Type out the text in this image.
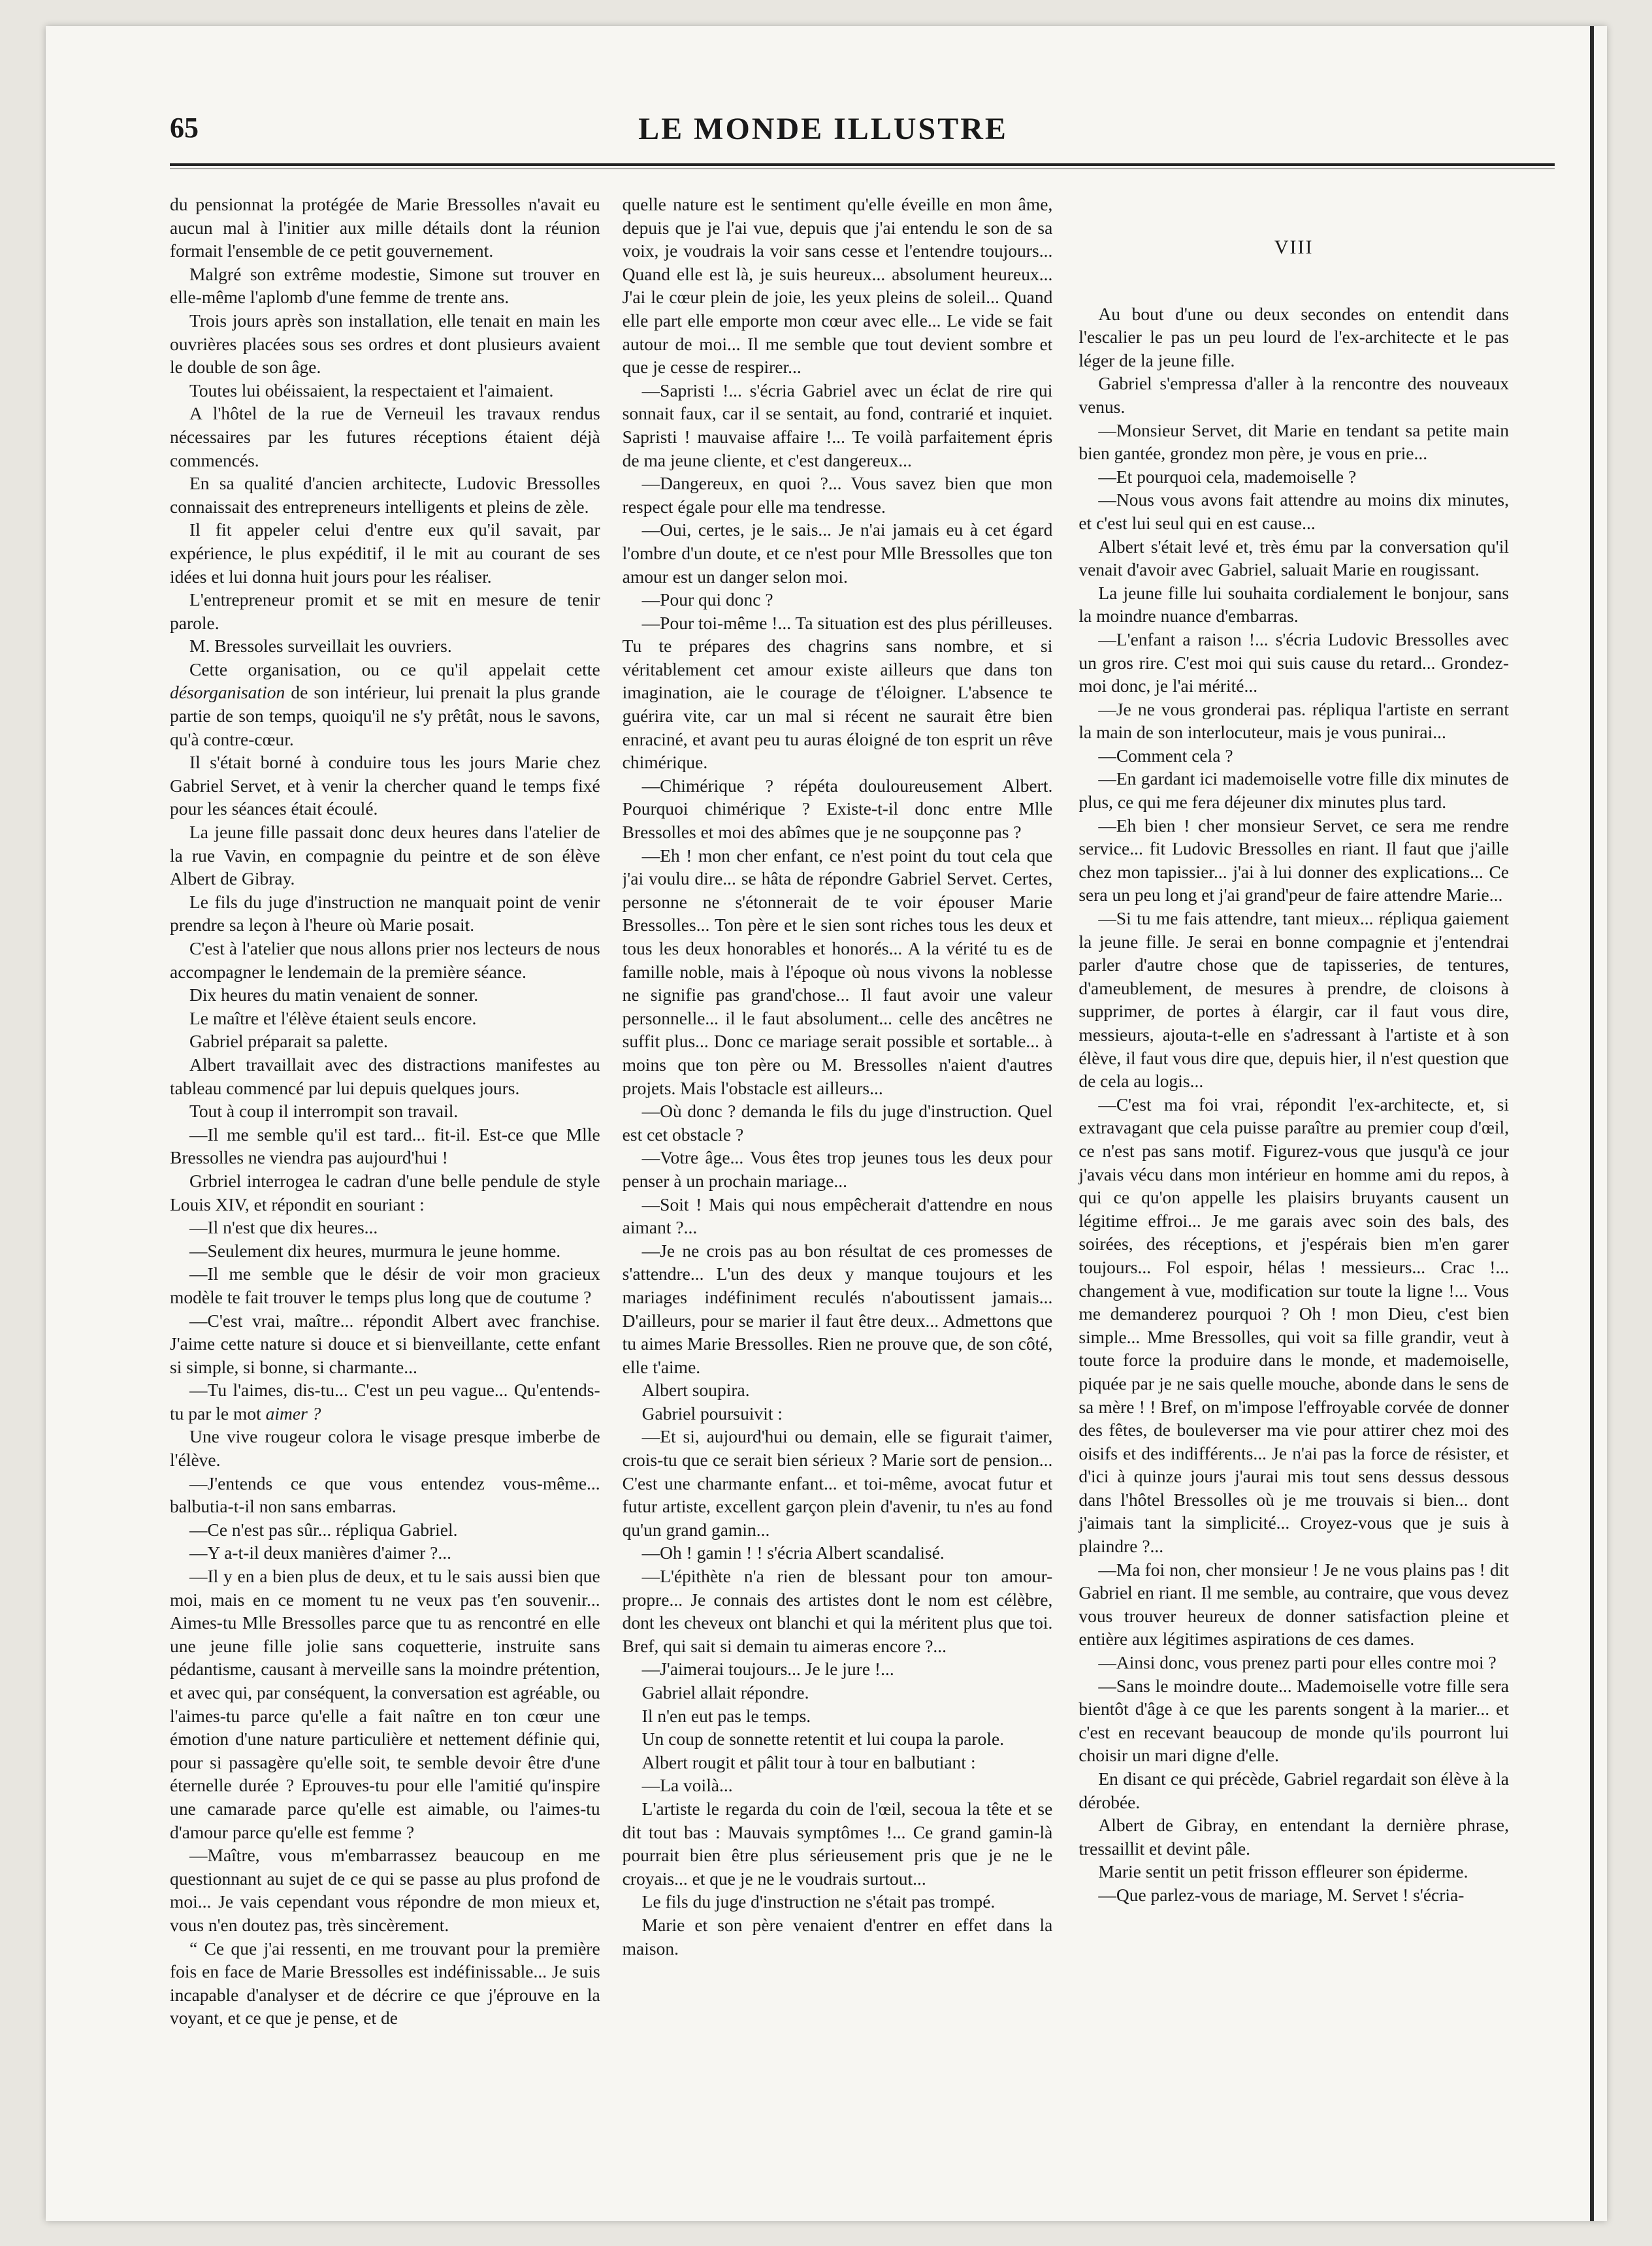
65	LE MONDE ILLUSTRE

du pensionnat la protégée de Marie Bressolles n'avait eu aucun mal à l'initier aux mille détails dont la réunion formait l'ensemble de ce petit gouvernement.

Malgré son extrême modestie, Simone sut trouver en elle-même l'aplomb d'une femme de trente ans.

Trois jours après son installation, elle tenait en main les ouvrières placées sous ses ordres et dont plusieurs avaient le double de son âge.

Toutes lui obéissaient, la respectaient et l'aimaient.

A l'hôtel de la rue de Verneuil les travaux rendus nécessaires par les futures réceptions étaient déjà commencés.

En sa qualité d'ancien architecte, Ludovic Bressolles connaissait des entrepreneurs intelligents et pleins de zèle.

Il fit appeler celui d'entre eux qu'il savait, par expérience, le plus expéditif, il le mit au courant de ses idées et lui donna huit jours pour les réaliser.

L'entrepreneur promit et se mit en mesure de tenir parole.

M. Bressoles surveillait les ouvriers.

Cette organisation, ou ce qu'il appelait cette désorganisation de son intérieur, lui prenait la plus grande partie de son temps, quoiqu'il ne s'y prêtât, nous le savons, qu'à contre-cœur.

Il s'était borné à conduire tous les jours Marie chez Gabriel Servet, et à venir la chercher quand le temps fixé pour les séances était écoulé.

La jeune fille passait donc deux heures dans l'atelier de la rue Vavin, en compagnie du peintre et de son élève Albert de Gibray.

Le fils du juge d'instruction ne manquait point de venir prendre sa leçon à l'heure où Marie posait.

C'est à l'atelier que nous allons prier nos lecteurs de nous accompagner le lendemain de la première séance.

Dix heures du matin venaient de sonner.

Le maître et l'élève étaient seuls encore.

Gabriel préparait sa palette.

Albert travaillait avec des distractions manifestes au tableau commencé par lui depuis quelques jours.

Tout à coup il interrompit son travail.

—Il me semble qu'il est tard... fit-il. Est-ce que Mlle Bressolles ne viendra pas aujourd'hui !

Grbriel interrogea le cadran d'une belle pendule de style Louis XIV, et répondit en souriant :

—Il n'est que dix heures...

—Seulement dix heures, murmura le jeune homme.

—Il me semble que le désir de voir mon gracieux modèle te fait trouver le temps plus long que de coutume ?

—C'est vrai, maître... répondit Albert avec franchise. J'aime cette nature si douce et si bienveillante, cette enfant si simple, si bonne, si charmante...

—Tu l'aimes, dis-tu... C'est un peu vague... Qu'entends-tu par le mot aimer ?

Une vive rougeur colora le visage presque imberbe de l'élève.

—J'entends ce que vous entendez vous-même... balbutia-t-il non sans embarras.

—Ce n'est pas sûr... répliqua Gabriel.

—Y a-t-il deux manières d'aimer ?...

—Il y en a bien plus de deux, et tu le sais aussi bien que moi, mais en ce moment tu ne veux pas t'en souvenir... Aimes-tu Mlle Bressolles parce que tu as rencontré en elle une jeune fille jolie sans coquetterie, instruite sans pédantisme, causant à merveille sans la moindre prétention, et avec qui, par conséquent, la conversation est agréable, ou l'aimes-tu parce qu'elle a fait naître en ton cœur une émotion d'une nature particulière et nettement définie qui, pour si passagère qu'elle soit, te semble devoir être d'une éternelle durée ? Eprouves-tu pour elle l'amitié qu'inspire une camarade parce qu'elle est aimable, ou l'aimes-tu d'amour parce qu'elle est femme ?

—Maître, vous m'embarrassez beaucoup en me questionnant au sujet de ce qui se passe au plus profond de moi... Je vais cependant vous répondre de mon mieux et, vous n'en doutez pas, très sincèrement.

“ Ce que j'ai ressenti, en me trouvant pour la première fois en face de Marie Bressolles est indéfinissable... Je suis incapable d'analyser et de décrire ce que j'éprouve en la voyant, et ce que je pense, et de

quelle nature est le sentiment qu'elle éveille en mon âme, depuis que je l'ai vue, depuis que j'ai entendu le son de sa voix, je voudrais la voir sans cesse et l'entendre toujours... Quand elle est là, je suis heureux... absolument heureux... J'ai le cœur plein de joie, les yeux pleins de soleil... Quand elle part elle emporte mon cœur avec elle... Le vide se fait autour de moi... Il me semble que tout devient sombre et que je cesse de respirer...

—Sapristi !... s'écria Gabriel avec un éclat de rire qui sonnait faux, car il se sentait, au fond, contrarié et inquiet. Sapristi ! mauvaise affaire !... Te voilà parfaitement épris de ma jeune cliente, et c'est dangereux...

—Dangereux, en quoi ?... Vous savez bien que mon respect égale pour elle ma tendresse.

—Oui, certes, je le sais... Je n'ai jamais eu à cet égard l'ombre d'un doute, et ce n'est pour Mlle Bressolles que ton amour est un danger selon moi.

—Pour qui donc ?

—Pour toi-même !... Ta situation est des plus périlleuses. Tu te prépares des chagrins sans nombre, et si véritablement cet amour existe ailleurs que dans ton imagination, aie le courage de t'éloigner. L'absence te guérira vite, car un mal si récent ne saurait être bien enraciné, et avant peu tu auras éloigné de ton esprit un rêve chimérique.

—Chimérique ? répéta douloureusement Albert. Pourquoi chimérique ? Existe-t-il donc entre Mlle Bressolles et moi des abîmes que je ne soupçonne pas ?

—Eh ! mon cher enfant, ce n'est point du tout cela que j'ai voulu dire... se hâta de répondre Gabriel Servet. Certes, personne ne s'étonnerait de te voir épouser Marie Bressolles... Ton père et le sien sont riches tous les deux et tous les deux honorables et honorés... A la vérité tu es de famille noble, mais à l'époque où nous vivons la noblesse ne signifie pas grand'chose... Il faut avoir une valeur personnelle... il le faut absolument... celle des ancêtres ne suffit plus... Donc ce mariage serait possible et sortable... à moins que ton père ou M. Bressolles n'aient d'autres projets. Mais l'obstacle est ailleurs...

—Où donc ? demanda le fils du juge d'instruction. Quel est cet obstacle ?

—Votre âge... Vous êtes trop jeunes tous les deux pour penser à un prochain mariage...

—Soit ! Mais qui nous empêcherait d'attendre en nous aimant ?...

—Je ne crois pas au bon résultat de ces promesses de s'attendre... L'un des deux y manque toujours et les mariages indéfiniment reculés n'aboutissent jamais... D'ailleurs, pour se marier il faut être deux... Admettons que tu aimes Marie Bressolles. Rien ne prouve que, de son côté, elle t'aime.

Albert soupira.

Gabriel poursuivit :

—Et si, aujourd'hui ou demain, elle se figurait t'aimer, crois-tu que ce serait bien sérieux ? Marie sort de pension... C'est une charmante enfant... et toi-même, avocat futur et futur artiste, excellent garçon plein d'avenir, tu n'es au fond qu'un grand gamin...

—Oh ! gamin ! ! s'écria Albert scandalisé.

—L'épithète n'a rien de blessant pour ton amour-propre... Je connais des artistes dont le nom est célèbre, dont les cheveux ont blanchi et qui la méritent plus que toi. Bref, qui sait si demain tu aimeras encore ?...

—J'aimerai toujours... Je le jure !...

Gabriel allait répondre.

Il n'en eut pas le temps.

Un coup de sonnette retentit et lui coupa la parole.

Albert rougit et pâlit tour à tour en balbutiant :

—La voilà...

L'artiste le regarda du coin de l'œil, secoua la tête et se dit tout bas : Mauvais symptômes !... Ce grand gamin-là pourrait bien être plus sérieusement pris que je ne le croyais... et que je ne le voudrais surtout...

Le fils du juge d'instruction ne s'était pas trompé.

Marie et son père venaient d'entrer en effet dans la maison.

VIII

Au bout d'une ou deux secondes on entendit dans l'escalier le pas un peu lourd de l'ex-architecte et le pas léger de la jeune fille.

Gabriel s'empressa d'aller à la rencontre des nouveaux venus.

—Monsieur Servet, dit Marie en tendant sa petite main bien gantée, grondez mon père, je vous en prie...

—Et pourquoi cela, mademoiselle ?

—Nous vous avons fait attendre au moins dix minutes, et c'est lui seul qui en est cause...

Albert s'était levé et, très ému par la conversation qu'il venait d'avoir avec Gabriel, saluait Marie en rougissant.

La jeune fille lui souhaita cordialement le bonjour, sans la moindre nuance d'embarras.

—L'enfant a raison !... s'écria Ludovic Bressolles avec un gros rire. C'est moi qui suis cause du retard... Grondez-moi donc, je l'ai mérité...

—Je ne vous gronderai pas. répliqua l'artiste en serrant la main de son interlocuteur, mais je vous punirai...

—Comment cela ?

—En gardant ici mademoiselle votre fille dix minutes de plus, ce qui me fera déjeuner dix minutes plus tard.

—Eh bien ! cher monsieur Servet, ce sera me rendre service... fit Ludovic Bressolles en riant. Il faut que j'aille chez mon tapissier... j'ai à lui donner des explications... Ce sera un peu long et j'ai grand'peur de faire attendre Marie...

—Si tu me fais attendre, tant mieux... répliqua gaiement la jeune fille. Je serai en bonne compagnie et j'entendrai parler d'autre chose que de tapisseries, de tentures, d'ameublement, de mesures à prendre, de cloisons à supprimer, de portes à élargir, car il faut vous dire, messieurs, ajouta-t-elle en s'adressant à l'artiste et à son élève, il faut vous dire que, depuis hier, il n'est question que de cela au logis...

—C'est ma foi vrai, répondit l'ex-architecte, et, si extravagant que cela puisse paraître au premier coup d'œil, ce n'est pas sans motif. Figurez-vous que jusqu'à ce jour j'avais vécu dans mon intérieur en homme ami du repos, à qui ce qu'on appelle les plaisirs bruyants causent un légitime effroi... Je me garais avec soin des bals, des soirées, des réceptions, et j'espérais bien m'en garer toujours... Fol espoir, hélas ! messieurs... Crac !... changement à vue, modification sur toute la ligne !... Vous me demanderez pourquoi ? Oh ! mon Dieu, c'est bien simple... Mme Bressolles, qui voit sa fille grandir, veut à toute force la produire dans le monde, et mademoiselle, piquée par je ne sais quelle mouche, abonde dans le sens de sa mère ! ! Bref, on m'impose l'effroyable corvée de donner des fêtes, de bouleverser ma vie pour attirer chez moi des oisifs et des indifférents... Je n'ai pas la force de résister, et d'ici à quinze jours j'aurai mis tout sens dessus dessous dans l'hôtel Bressolles où je me trouvais si bien... dont j'aimais tant la simplicité... Croyez-vous que je suis à plaindre ?...

—Ma foi non, cher monsieur ! Je ne vous plains pas ! dit Gabriel en riant. Il me semble, au contraire, que vous devez vous trouver heureux de donner satisfaction pleine et entière aux légitimes aspirations de ces dames.

—Ainsi donc, vous prenez parti pour elles contre moi ?

—Sans le moindre doute... Mademoiselle votre fille sera bientôt d'âge à ce que les parents songent à la marier... et c'est en recevant beaucoup de monde qu'ils pourront lui choisir un mari digne d'elle.

En disant ce qui précède, Gabriel regardait son élève à la dérobée.

Albert de Gibray, en entendant la dernière phrase, tressaillit et devint pâle.

Marie sentit un petit frisson effleurer son épiderme.

—Que parlez-vous de mariage, M. Servet ! s'écria-
